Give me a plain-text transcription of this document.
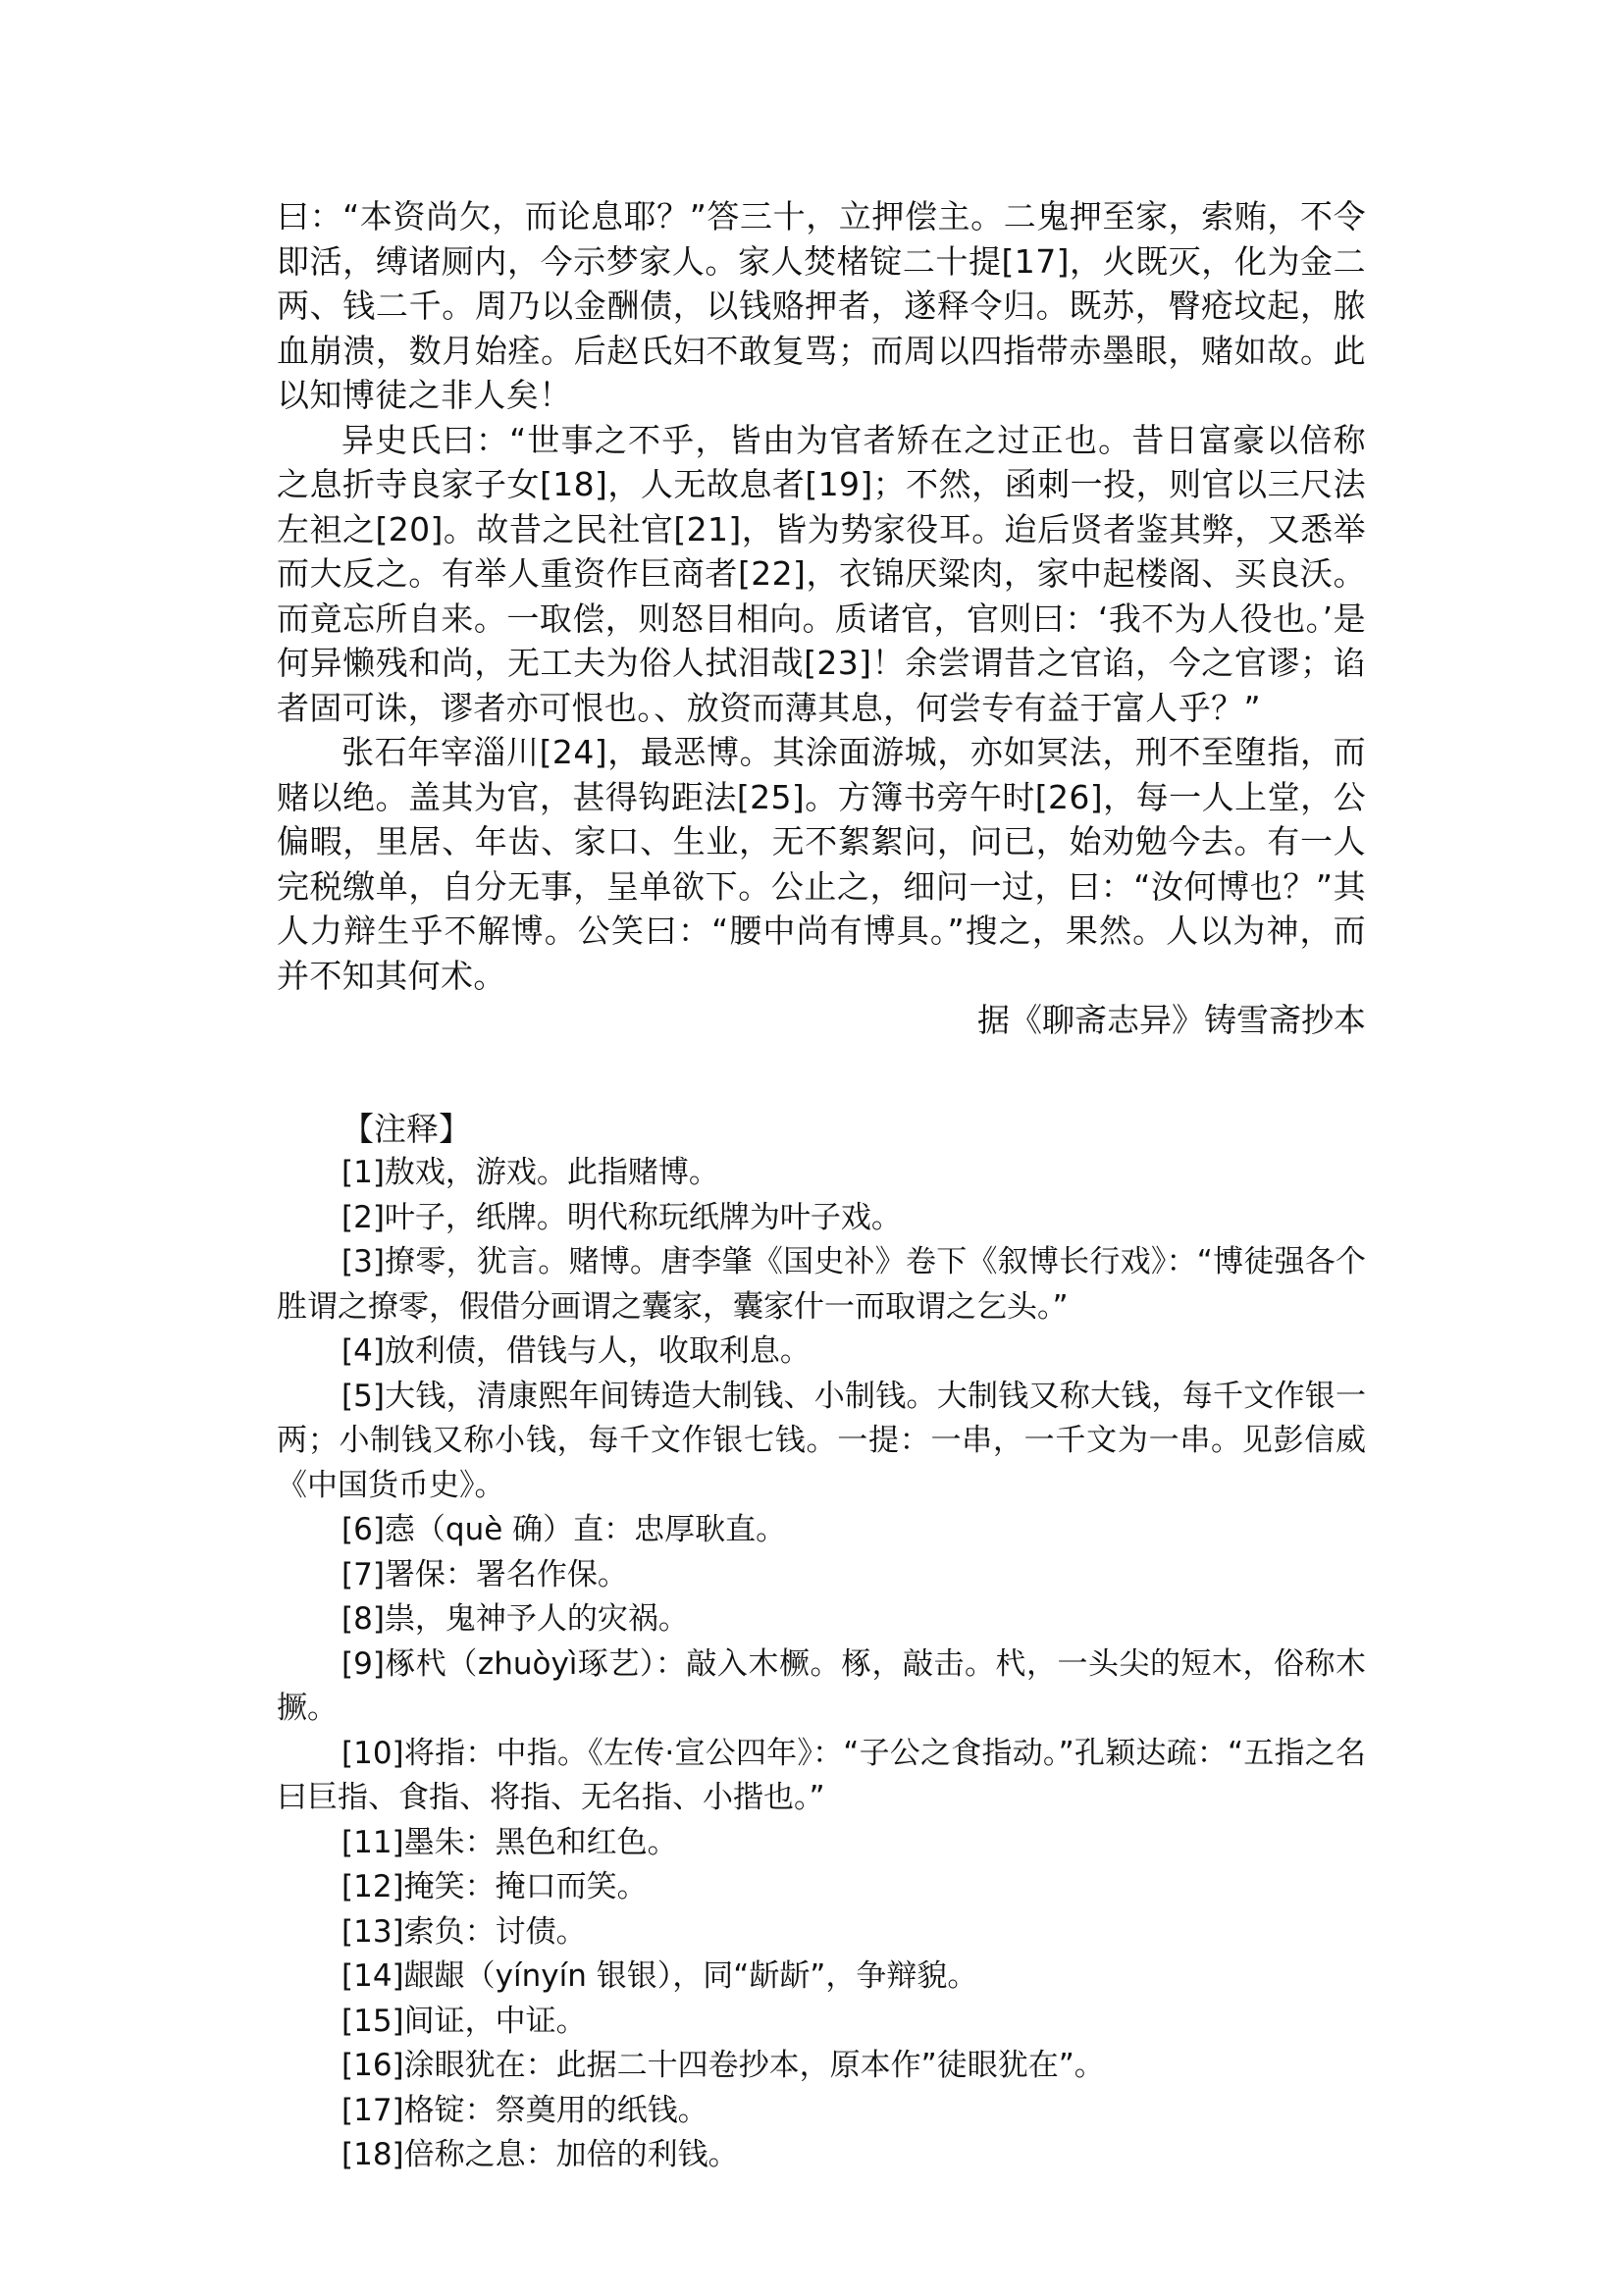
曰：“本资尚欠，而论息耶？”答三十，立押偿主。二鬼押至家，索贿，不令即活，缚诸厕内，今示梦家人。家人焚楮锭二十提[17]，火既灭，化为金二两、钱二千。周乃以金酬债，以钱赂押者，遂释令归。既苏，臀疮坟起，脓血崩溃，数月始痊。后赵氏妇不敢复骂；而周以四指带赤墨眼，赌如故。此以知博徒之非人矣！

异史氏曰：“世事之不乎，皆由为官者矫在之过正也。昔日富豪以倍称之息折寺良家子女[18]，人无故息者[19]；不然，函刺一投，则官以三尺法左袒之[20]。故昔之民社官[21]，皆为势家役耳。迨后贤者鉴其弊，又悉举而大反之。有举人重资作巨商者[22]，衣锦厌粱肉，家中起楼阁、买良沃。而竟忘所自来。一取偿，则怒目相向。质诸官，官则曰：‘我不为人役也。’是何异懒残和尚，无工夫为俗人拭泪哉[23]！余尝谓昔之官谄，今之官谬；谄者固可诛，谬者亦可恨也。、放资而薄其息，何尝专有益于富人乎？”

张石年宰淄川[24]，最恶博。其涂面游城，亦如冥法，刑不至堕指，而赌以绝。盖其为官，甚得钩距法[25]。方簿书旁午时[26]，每一人上堂，公偏暇，里居、年齿、家口、生业，无不絮絮问，问已，始劝勉今去。有一人完税缴单，自分无事，呈单欲下。公止之，细问一过，曰：“汝何博也？”其人力辩生乎不解博。公笑曰：“腰中尚有博具。”搜之，果然。人以为神，而并不知其何术。

据《聊斋志异》铸雪斋抄本

【注释】

[1]敖戏，游戏。此指赌博。

[2]叶子，纸牌。明代称玩纸牌为叶子戏。

[3]撩零，犹言。赌博。唐李肇《国史补》卷下《叙博长行戏》：“博徒强各个胜谓之撩零，假借分画谓之囊家，囊家什一而取谓之乞头。”

[4]放利债，借钱与人，收取利息。

[5]大钱，清康熙年间铸造大制钱、小制钱。大制钱又称大钱，每千文作银一两；小制钱又称小钱，每千文作银七钱。一提：一串，一千文为一串。见彭信威《中国货币史》。

[6]悫（què 确）直：忠厚耿直。

[7]署保：署名作保。

[8]祟，鬼神予人的灾祸。

[9]椓杙（zhuòyì琢艺）：敲入木橛。椓，敲击。杙，一头尖的短木，俗称木撅。

[10]将指：中指。《左传·宣公四年》：“子公之食指动。”孔颖达疏：“五指之名曰巨指、食指、将指、无名指、小揩也。”

[11]墨朱：黑色和红色。

[12]掩笑：掩口而笑。

[13]索负：讨债。

[14]龈龈（yínyín 银银），同“龂龂”，争辩貌。

[15]间证，中证。

[16]涂眼犹在：此据二十四卷抄本，原本作”徒眼犹在”。

[17]格锭：祭奠用的纸钱。

[18]倍称之息：加倍的利钱。
